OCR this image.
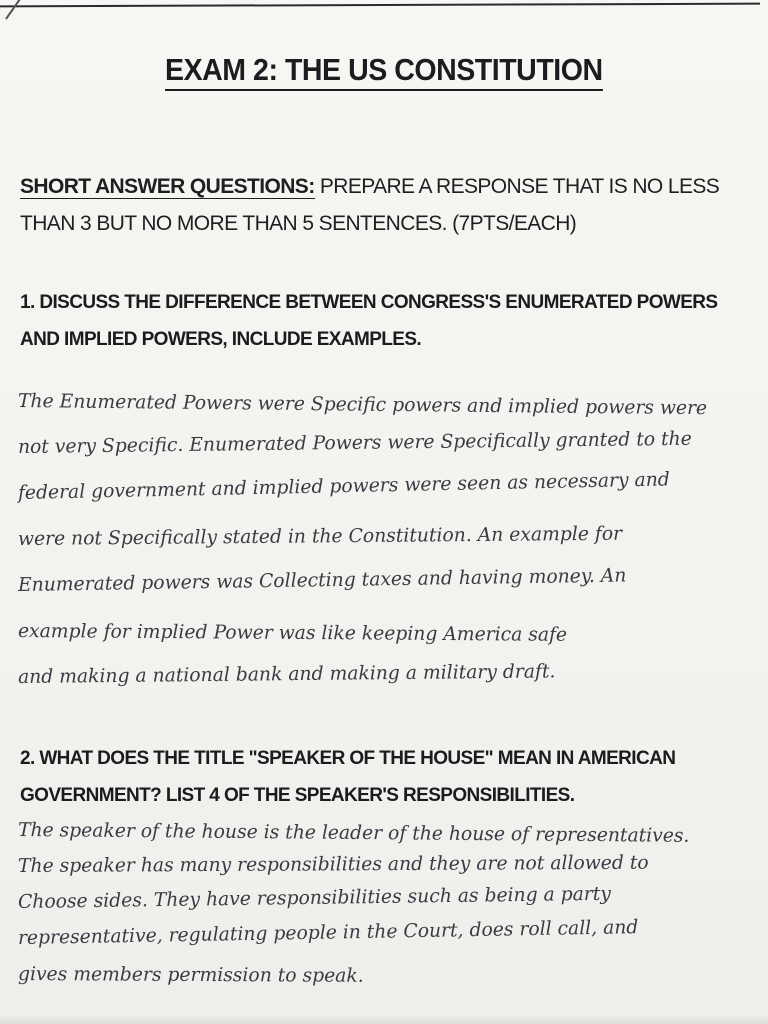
EXAM 2: THE US CONSTITUTION
SHORT ANSWER QUESTIONS: PREPARE A RESPONSE THAT IS NO LESS THAN 3 BUT NO MORE THAN 5 SENTENCES. (7PTS/EACH)
1. DISCUSS THE DIFFERENCE BETWEEN CONGRESS'S ENUMERATED POWERS AND IMPLIED POWERS, INCLUDE EXAMPLES.
The Enumerated Powers were Specific powers and implied powers were
not very Specific. Enumerated Powers were Specifically granted to the
federal government and implied powers were seen as necessary and
were not Specifically stated in the Constitution. An example for
Enumerated powers was Collecting taxes and having money. An
example for implied Power was like keeping America safe
and making a national bank and making a military draft.
2. WHAT DOES THE TITLE "SPEAKER OF THE HOUSE" MEAN IN AMERICAN GOVERNMENT? LIST 4 OF THE SPEAKER'S RESPONSIBILITIES.
The speaker of the house is the leader of the house of representatives.
The speaker has many responsibilities and they are not allowed to
Choose sides. They have responsibilities such as being a party
representative, regulating people in the Court, does roll call, and
gives members permission to speak.
